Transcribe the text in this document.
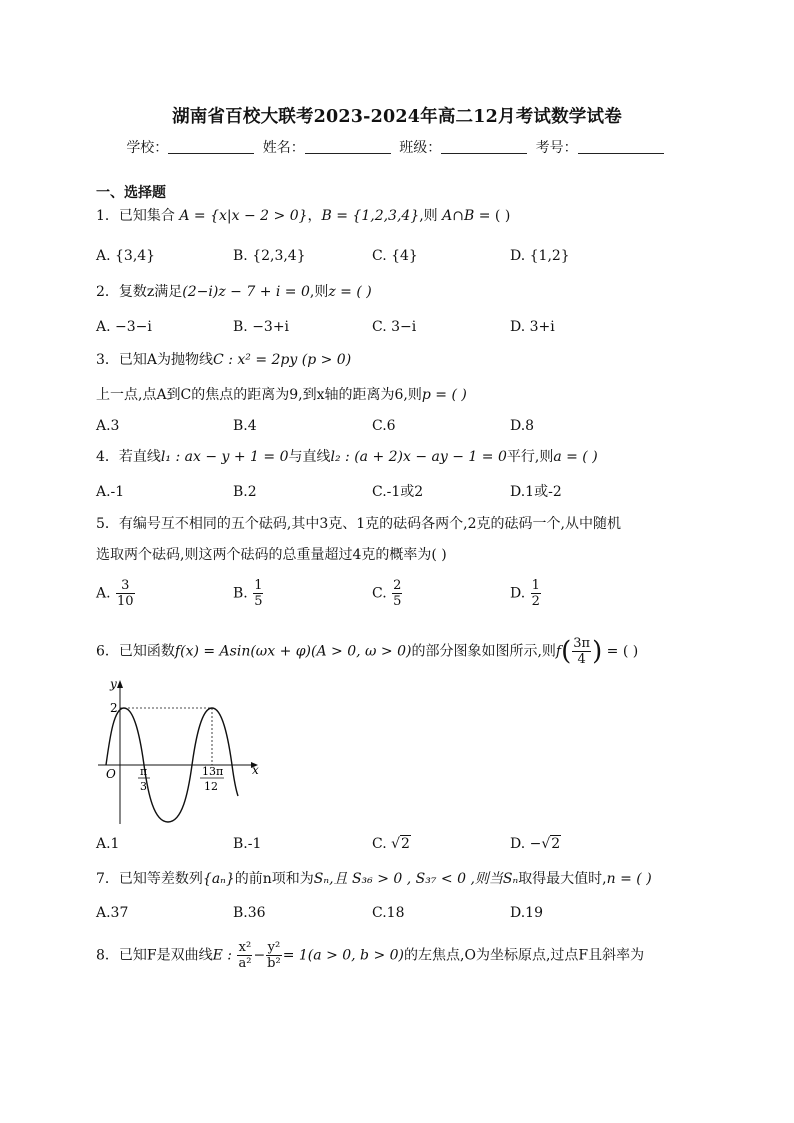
湖南省百校大联考2023-2024年高二12月考试数学试卷
学校：	姓名：	班级：	考号：
一、选择题
1．已知集合 A = {x|x − 2 > 0}，B = {1,2,3,4},则 A∩B = ( )
A. {3,4}	B. {2,3,4}	C. {4}	D. {1,2}
2．复数z满足(2−i)z − 7 + i = 0,则z = ( )
A. −3−i	B. −3+i	C. 3−i	D. 3+i
3．已知A为抛物线C : x² = 2py (p > 0)
上一点,点A到C的焦点的距离为9,到x轴的距离为6,则p = ( )
A.3	B.4	C.6	D.8
4．若直线l₁ : ax − y + 1 = 0与直线l₂ : (a + 2)x − ay − 1 = 0平行,则a = ( )
A.-1	B.2	C.-1或2	D.1或-2
5．有编号互不相同的五个砝码,其中3克、1克的砝码各两个,2克的砝码一个,从中随机
选取两个砝码,则这两个砝码的总重量超过4克的概率为( )
A. $\frac{3}{10}$	B. $\frac{1}{5}$	C. $\frac{2}{5}$	D. $\frac{1}{2}$
6．已知函数f(x) = Asin(ωx + φ)(A > 0, ω > 0)的部分图象如图所示,则$f( \frac{3\pi}{4}$ ) = ( )
y
x
O
2
π
3
13π
12
A.1	B.-1	C. √2	D. −√2
7．已知等差数列{aₙ}的前n项和为Sₙ,且 S₃₆ > 0 , S₃₇ < 0 ,则当Sₙ取得最大值时,n = ( )
A.37	B.36	C.18	D.19
8．已知F是双曲线E : $\frac{\text{x²}}{\text{a²}} - \frac{\text{y²}}{\text{b²}} = 1(a > 0$, b > 0)的左焦点,O为坐标原点,过点F且斜率为
